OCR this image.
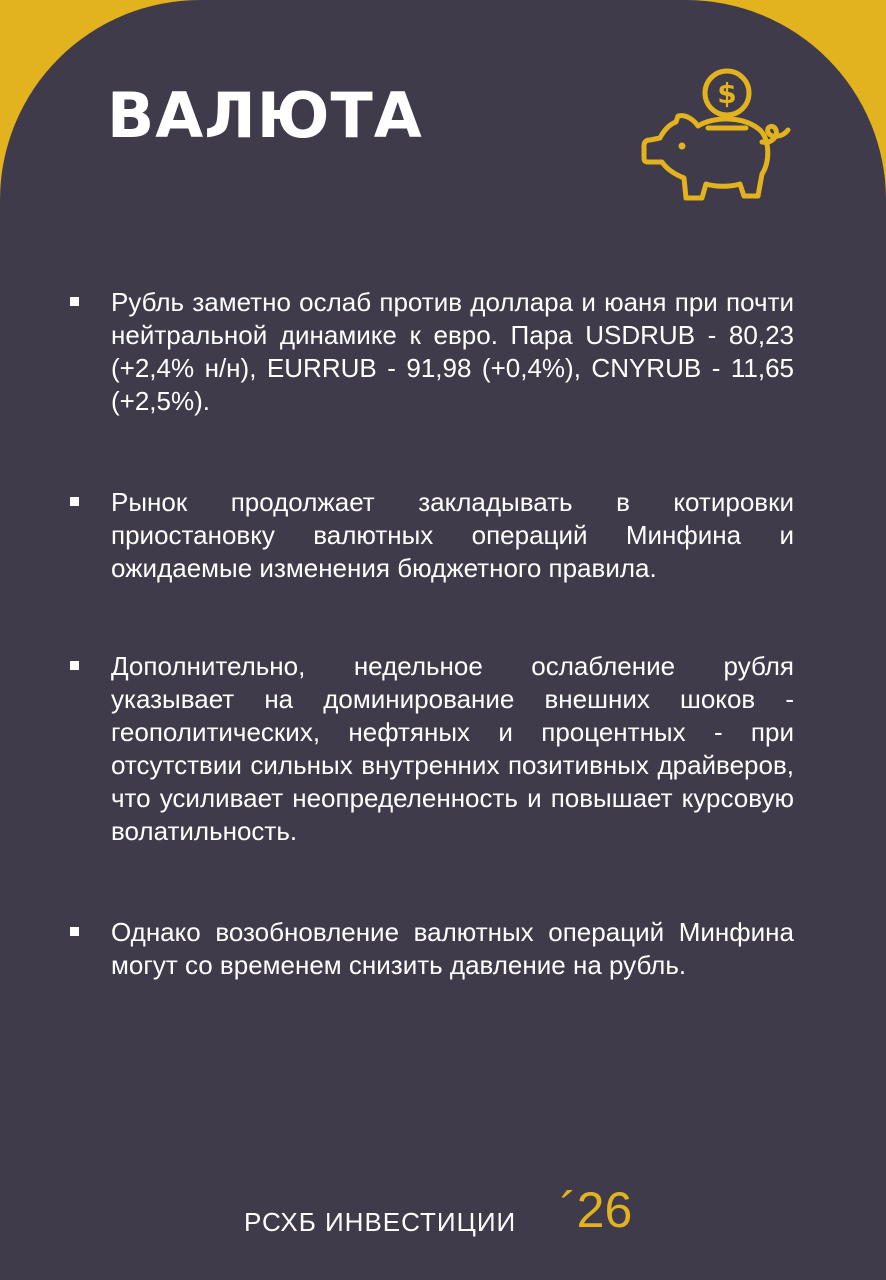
ВАЛЮТА	$
Рубль заметно ослаб против доллара и юаня при почти нейтральной динамике к евро. Пара USDRUB - 80,23 (+2,4% н/н), EURRUB - 91,98 (+0,4%), CNYRUB - 11,65 (+2,5%).
Рынок продолжает закладывать в котировки приостановку валютных операций Минфина и ожидаемые изменения бюджетного правила.
Дополнительно, недельное ослабление рубля указывает на доминирование внешних шоков - геополитических, нефтяных и процентных - при отсутствии сильных внутренних позитивных драйверов, что усиливает неопределенность и повышает курсовую волатильность.
Однако возобновление валютных операций Минфина могут со временем снизить давление на рубль.
РСХБ ИНВЕСТИЦИИ ´26
